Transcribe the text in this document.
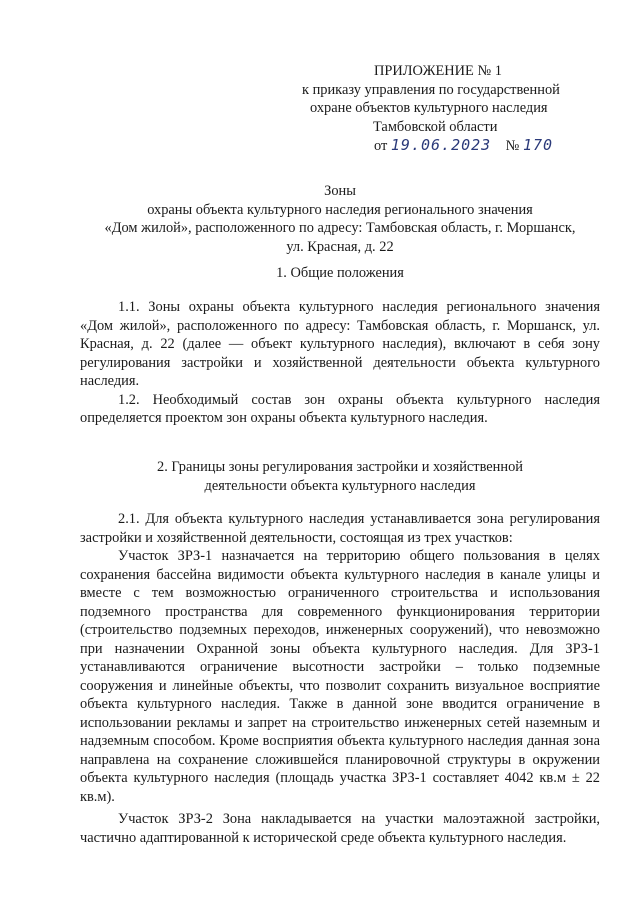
ПРИЛОЖЕНИЕ № 1
к приказу управления по государственной
охране объектов культурного наследия
Тамбовской области
от 19.06.2023 № 170
Зоны
охраны объекта культурного наследия регионального значения
«Дом жилой», расположенного по адресу: Тамбовская область, г. Моршанск,
ул. Красная, д. 22
1. Общие положения

1.1. Зоны охраны объекта культурного наследия регионального значения «Дом жилой», расположенного по адресу: Тамбовская область, г. Моршанск, ул. Красная, д. 22 (далее — объект культурного наследия), включают в себя зону регулирования застройки и хозяйственной деятельности объекта культурного наследия.

1.2. Необходимый состав зон охраны объекта культурного наследия определяется проектом зон охраны объекта культурного наследия.

2. Границы зоны регулирования застройки и хозяйственной
деятельности объекта культурного наследия

2.1. Для объекта культурного наследия устанавливается зона регулирования застройки и хозяйственной деятельности, состоящая из трех участков:

Участок ЗРЗ-1 назначается на территорию общего пользования в целях сохранения бассейна видимости объекта культурного наследия в канале улицы и вместе с тем возможностью ограниченного строительства и использования подземного пространства для современного функционирования территории (строительство подземных переходов, инженерных сооружений), что невозможно при назначении Охранной зоны объекта культурного наследия. Для ЗРЗ-1 устанавливаются ограничение высотности застройки – только подземные сооружения и линейные объекты, что позволит сохранить визуальное восприятие объекта культурного наследия. Также в данной зоне вводится ограничение в использовании рекламы и запрет на строительство инженерных сетей наземным и надземным способом. Кроме восприятия объекта культурного наследия данная зона направлена на сохранение сложившейся планировочной структуры в окружении объекта культурного наследия (площадь участка ЗРЗ-1 составляет 4042 кв.м ± 22 кв.м).

Участок ЗРЗ-2 Зона накладывается на участки малоэтажной застройки, частично адаптированной к исторической среде объекта культурного наследия.
